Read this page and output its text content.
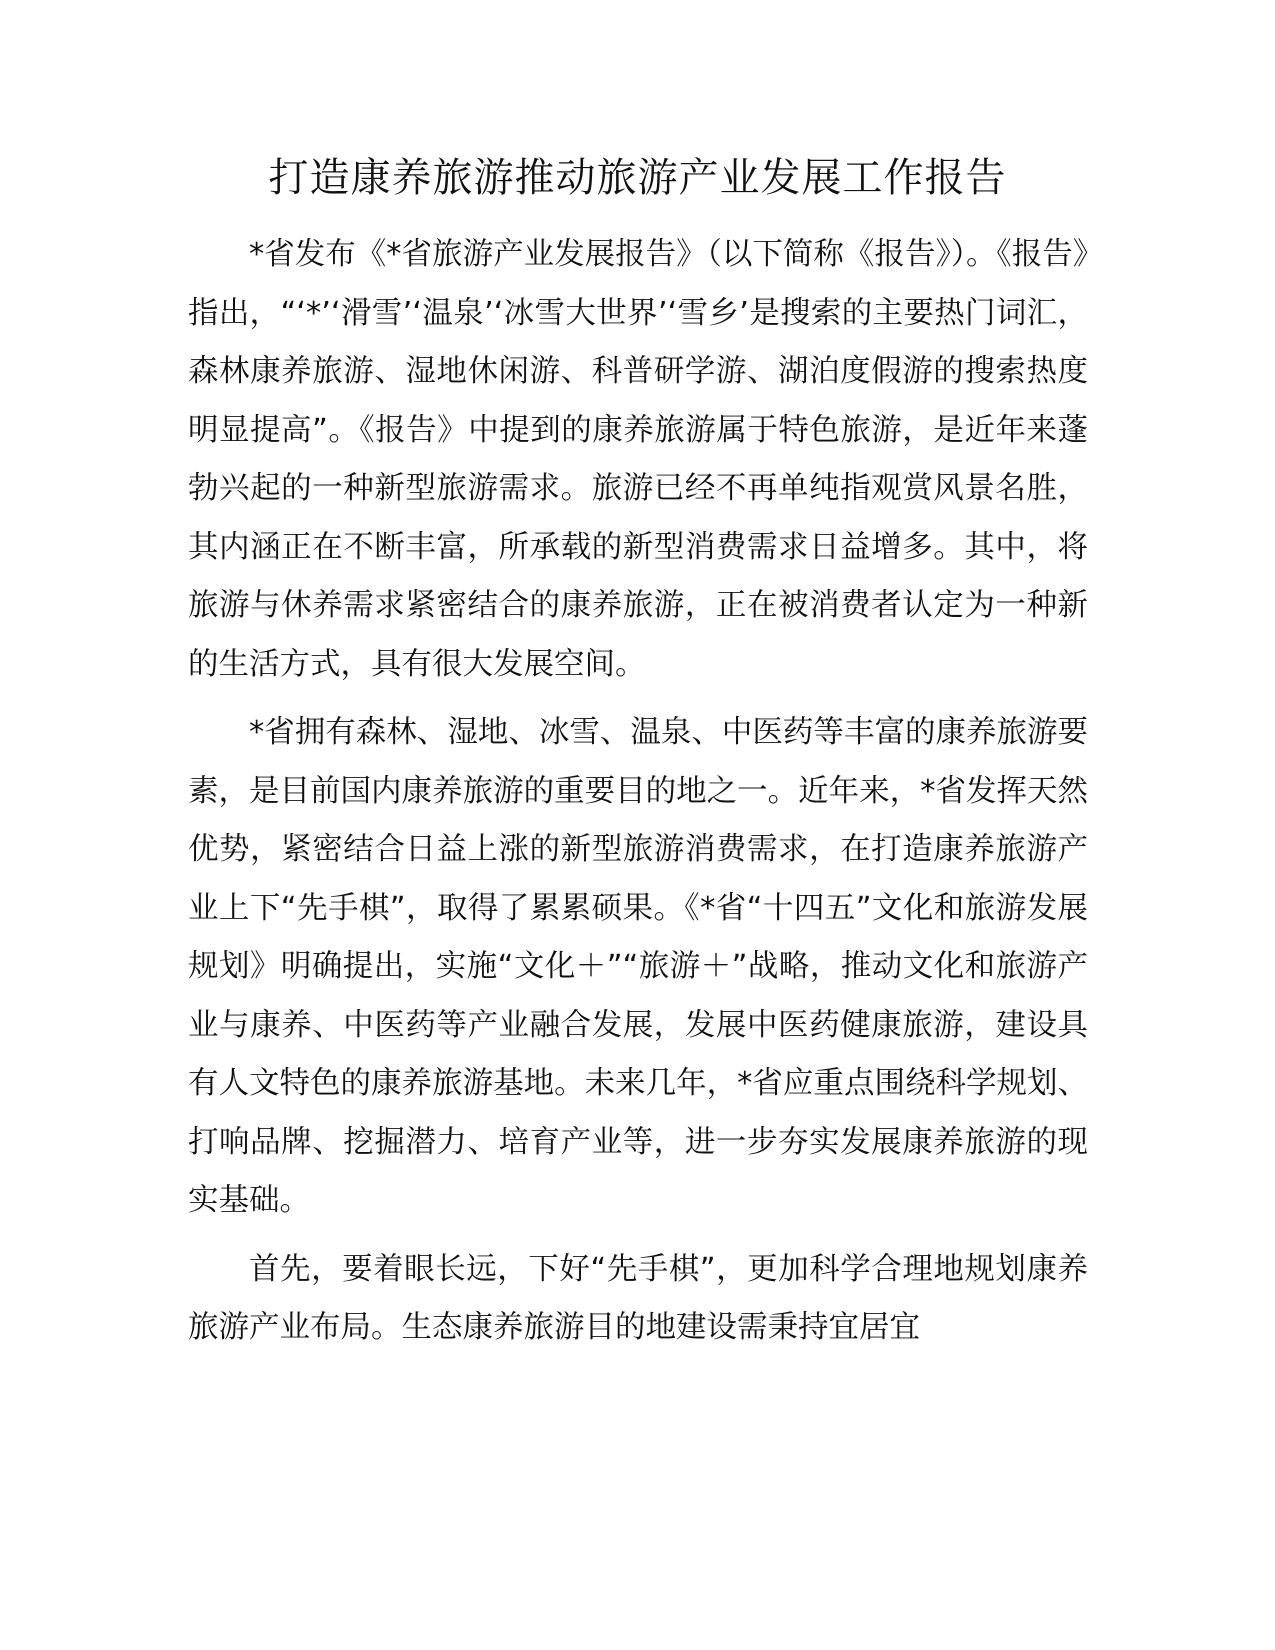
打造康养旅游推动旅游产业发展工作报告

*省发布《*省旅游产业发展报告》（以下简称《报告》）。《报告》指出，“‘*’‘滑雪’‘温泉’‘冰雪大世界’‘雪乡’是搜索的主要热门词汇，森林康养旅游、湿地休闲游、科普研学游、湖泊度假游的搜索热度明显提高”。《报告》中提到的康养旅游属于特色旅游，是近年来蓬勃兴起的一种新型旅游需求。旅游已经不再单纯指观赏风景名胜，其内涵正在不断丰富，所承载的新型消费需求日益增多。其中，将旅游与休养需求紧密结合的康养旅游，正在被消费者认定为一种新的生活方式，具有很大发展空间。

*省拥有森林、湿地、冰雪、温泉、中医药等丰富的康养旅游要素，是目前国内康养旅游的重要目的地之一。近年来，*省发挥天然优势，紧密结合日益上涨的新型旅游消费需求，在打造康养旅游产业上下“先手棋”，取得了累累硕果。《*省“十四五”文化和旅游发展规划》明确提出，实施“文化＋”“旅游＋”战略，推动文化和旅游产业与康养、中医药等产业融合发展，发展中医药健康旅游，建设具有人文特色的康养旅游基地。未来几年，*省应重点围绕科学规划、打响品牌、挖掘潜力、培育产业等，进一步夯实发展康养旅游的现实基础。

首先，要着眼长远，下好“先手棋”，更加科学合理地规划康养旅游产业布局。生态康养旅游目的地建设需秉持宜居宜
